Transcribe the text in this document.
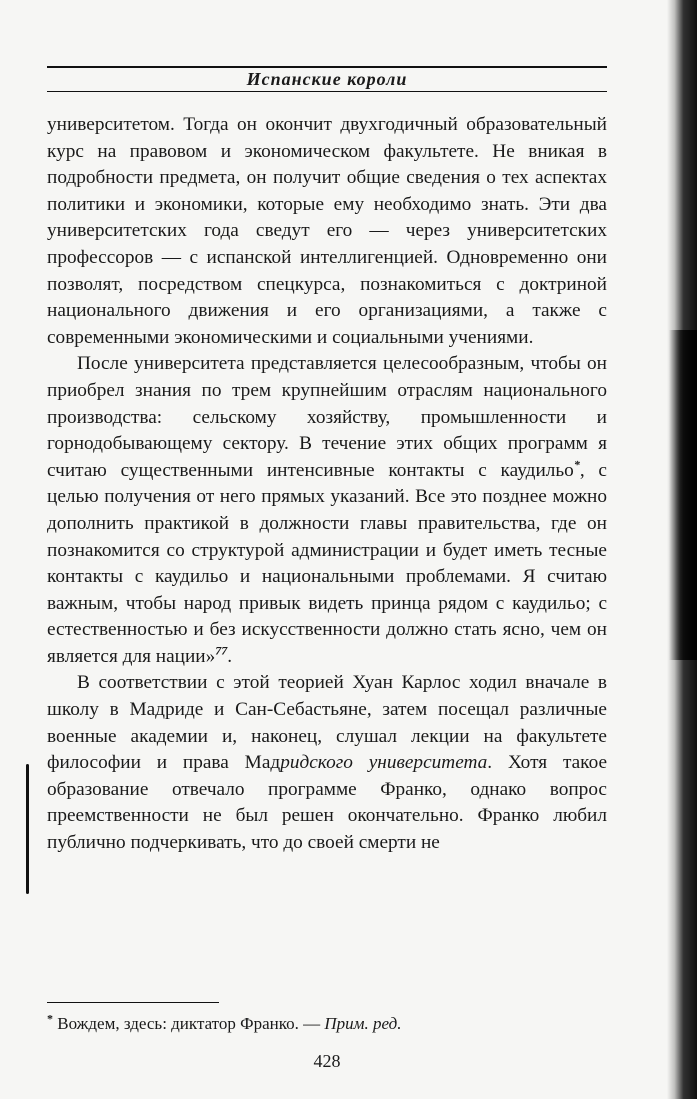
Испанские короли

университетом. Тогда он окончит двухгодичный образовательный курс на правовом и экономическом факультете. Не вникая в подробности предмета, он получит общие сведения о тех аспектах политики и экономики, которые ему необходимо знать. Эти два университетских года сведут его — через университетских профессоров — с испанской интеллигенцией. Одновременно они позволят, посредством спецкурса, познакомиться с доктриной национального движения и его организациями, а также с современными экономическими и социальными учениями.

После университета представляется целесообразным, чтобы он приобрел знания по трем крупнейшим отраслям национального производства: сельскому хозяйству, промышленности и горнодобывающему сектору. В течение этих общих программ я считаю существенными интенсивные контакты с каудильо*, с целью получения от него прямых указаний. Все это позднее можно дополнить практикой в должности главы правительства, где он познакомится со структурой администрации и будет иметь тесные контакты с каудильо и национальными проблемами. Я считаю важным, чтобы народ привык видеть принца рядом с каудильо; с естественностью и без искусственности должно стать ясно, чем он является для нации»$^{77}$.

В соответствии с этой теорией Хуан Карлос ходил вначале в школу в Мадриде и Сан-Себастьяне, затем посещал различные военные академии и, наконец, слушал лекции на факультете философии и права Мадридского университета. Хотя такое образование отвечало программе Франко, однако вопрос преемственности не был решен окончательно. Франко любил публично подчеркивать, что до своей смерти не

* Вождем, здесь: диктатор Франко. — Прим. ред.
428
